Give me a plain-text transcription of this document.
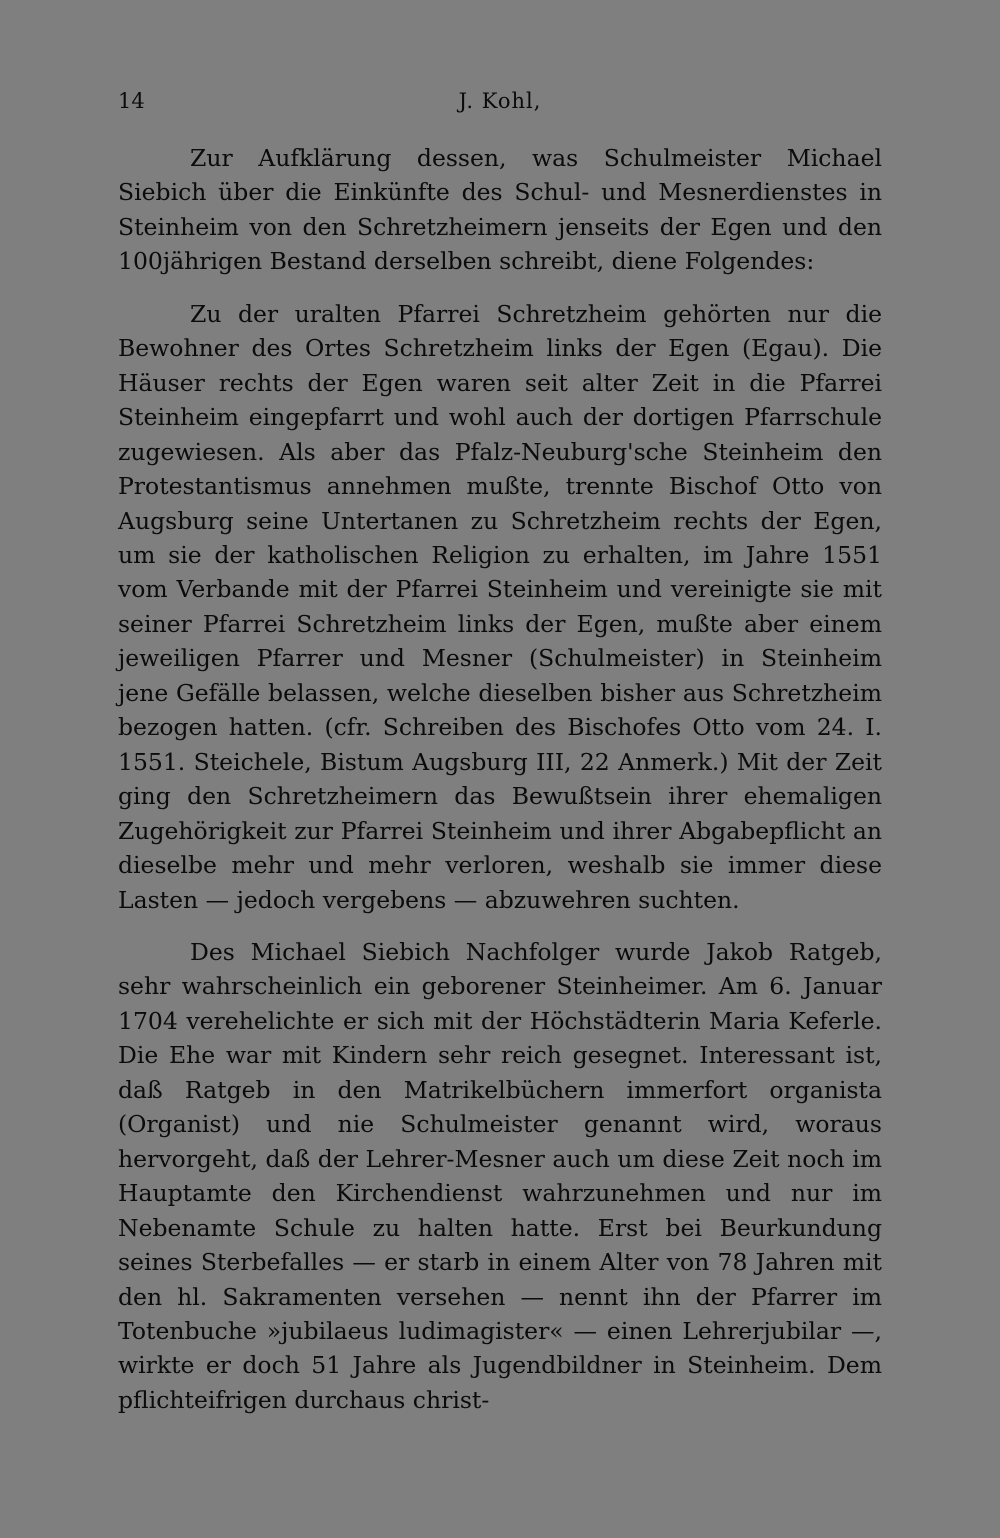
14	J. Kohl,

Zur Aufklärung dessen, was Schulmeister Michael Siebich über die Einkünfte des Schul- und Mesnerdienstes in Steinheim von den Schretzheimern jenseits der Egen und den 100jährigen Bestand derselben schreibt, diene Folgendes:

Zu der uralten Pfarrei Schretzheim gehörten nur die Bewohner des Ortes Schretzheim links der Egen (Egau). Die Häuser rechts der Egen waren seit alter Zeit in die Pfarrei Steinheim eingepfarrt und wohl auch der dortigen Pfarrschule zugewiesen. Als aber das Pfalz-Neuburg'sche Steinheim den Protestantismus annehmen mußte, trennte Bischof Otto von Augsburg seine Untertanen zu Schretzheim rechts der Egen, um sie der katholischen Religion zu erhalten, im Jahre 1551 vom Verbande mit der Pfarrei Steinheim und vereinigte sie mit seiner Pfarrei Schretzheim links der Egen, mußte aber einem jeweiligen Pfarrer und Mesner (Schulmeister) in Steinheim jene Gefälle belassen, welche dieselben bisher aus Schretzheim bezogen hatten. (cfr. Schreiben des Bischofes Otto vom 24. I. 1551. Steichele, Bistum Augsburg III, 22 Anmerk.) Mit der Zeit ging den Schretzheimern das Bewußtsein ihrer ehemaligen Zugehörigkeit zur Pfarrei Steinheim und ihrer Abgabepflicht an dieselbe mehr und mehr verloren, weshalb sie immer diese Lasten — jedoch vergebens — abzuwehren suchten.

Des Michael Siebich Nachfolger wurde Jakob Ratgeb, sehr wahrscheinlich ein geborener Steinheimer. Am 6. Januar 1704 verehelichte er sich mit der Höchstädterin Maria Keferle. Die Ehe war mit Kindern sehr reich gesegnet. Interessant ist, daß Ratgeb in den Matrikelbüchern immerfort organista (Organist) und nie Schulmeister genannt wird, woraus hervorgeht, daß der Lehrer-Mesner auch um diese Zeit noch im Hauptamte den Kirchendienst wahrzunehmen und nur im Nebenamte Schule zu halten hatte. Erst bei Beurkundung seines Sterbefalles — er starb in einem Alter von 78 Jahren mit den hl. Sakramenten versehen — nennt ihn der Pfarrer im Totenbuche »jubilaeus ludimagister« — einen Lehrerjubilar —, wirkte er doch 51 Jahre als Jugendbildner in Steinheim. Dem pflichteifrigen durchaus christ-
